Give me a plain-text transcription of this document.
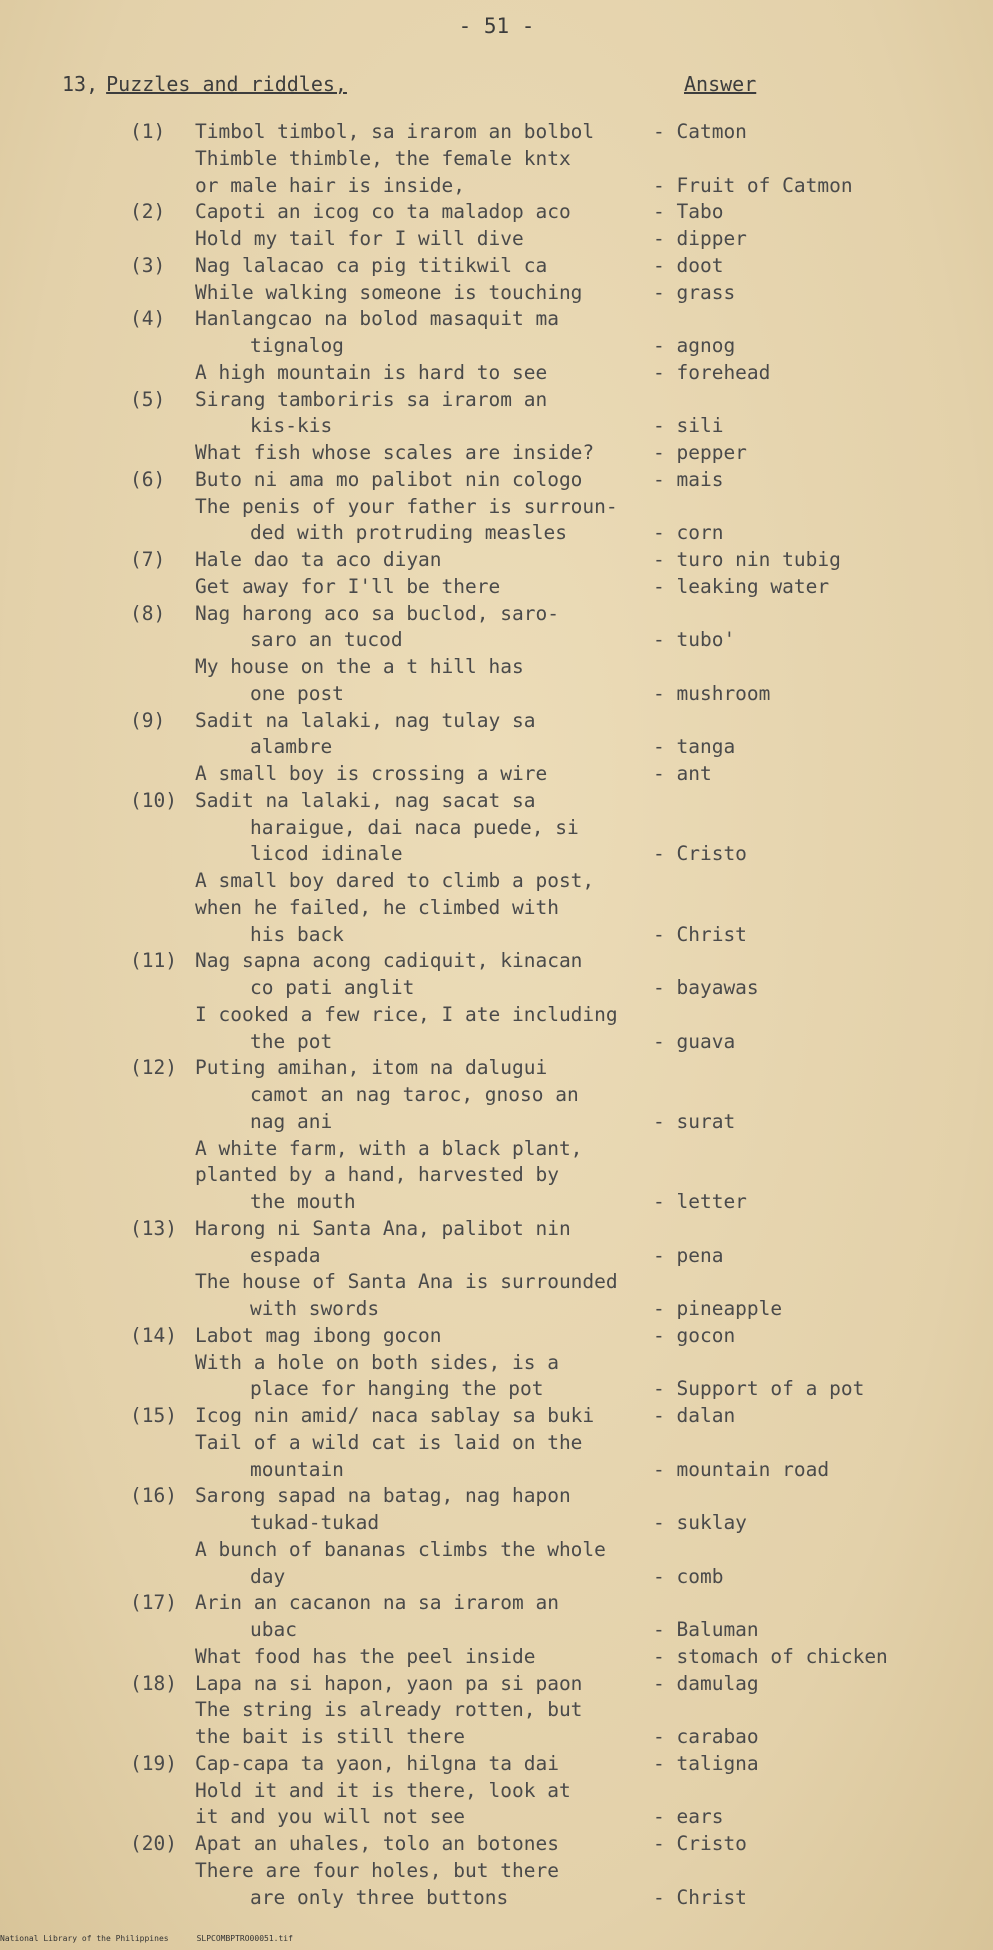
- 51 -
13, Puzzles and riddles,	Answer
(1) Timbol timbol, sa irarom an bolbol	- Catmon
Thimble thimble, the female kntx
or male hair is inside,	- Fruit of Catmon
(2) Capoti an icog co ta maladop aco	- Tabo
Hold my tail for I will dive	- dipper
(3) Nag lalacao ca pig titikwil ca	- doot
While walking someone is touching	- grass
(4) Hanlangcao na bolod masaquit ma
tignalog	- agnog
A high mountain is hard to see	- forehead
(5) Sirang tamboriris sa irarom an
kis-kis	- sili
What fish whose scales are inside?	- pepper
(6) Buto ni ama mo palibot nin cologo	- mais
The penis of your father is surroun-
ded with protruding measles	- corn
(7) Hale dao ta aco diyan	- turo nin tubig
Get away for I'll be there	- leaking water
(8) Nag harong aco sa buclod, saro-
saro an tucod	- tubo'
My house on the a t hill has
one post	- mushroom
(9) Sadit na lalaki, nag tulay sa
alambre	- tanga
A small boy is crossing a wire	- ant
(10) Sadit na lalaki, nag sacat sa
haraigue, dai naca puede, si
licod idinale	- Cristo
A small boy dared to climb a post,
when he failed, he climbed with
his back	- Christ
(11) Nag sapna acong cadiquit, kinacan
co pati anglit	- bayawas
I cooked a few rice, I ate including
the pot	- guava
(12) Puting amihan, itom na dalugui
camot an nag taroc, gnoso an
nag ani	- surat
A white farm, with a black plant,
planted by a hand, harvested by
the mouth	- letter
(13) Harong ni Santa Ana, palibot nin
espada	- pena
The house of Santa Ana is surrounded
with swords	- pineapple
(14) Labot mag ibong gocon	- gocon
With a hole on both sides, is a
place for hanging the pot	- Support of a pot
(15) Icog nin amid/ naca sablay sa buki	- dalan
Tail of a wild cat is laid on the
mountain	- mountain road
(16) Sarong sapad na batag, nag hapon
tukad-tukad	- suklay
A bunch of bananas climbs the whole
day	- comb
(17) Arin an cacanon na sa irarom an
ubac	- Baluman
What food has the peel inside	- stomach of chicken
(18) Lapa na si hapon, yaon pa si paon	- damulag
The string is already rotten, but
the bait is still there	- carabao
(19) Cap-capa ta yaon, hilgna ta dai	- taligna
Hold it and it is there, look at
it and you will not see	- ears
(20) Apat an uhales, tolo an botones	- Cristo
There are four holes, but there
are only three buttons	- Christ
National Library of the Philippines	SLPCOMBPTRO00051.tif
